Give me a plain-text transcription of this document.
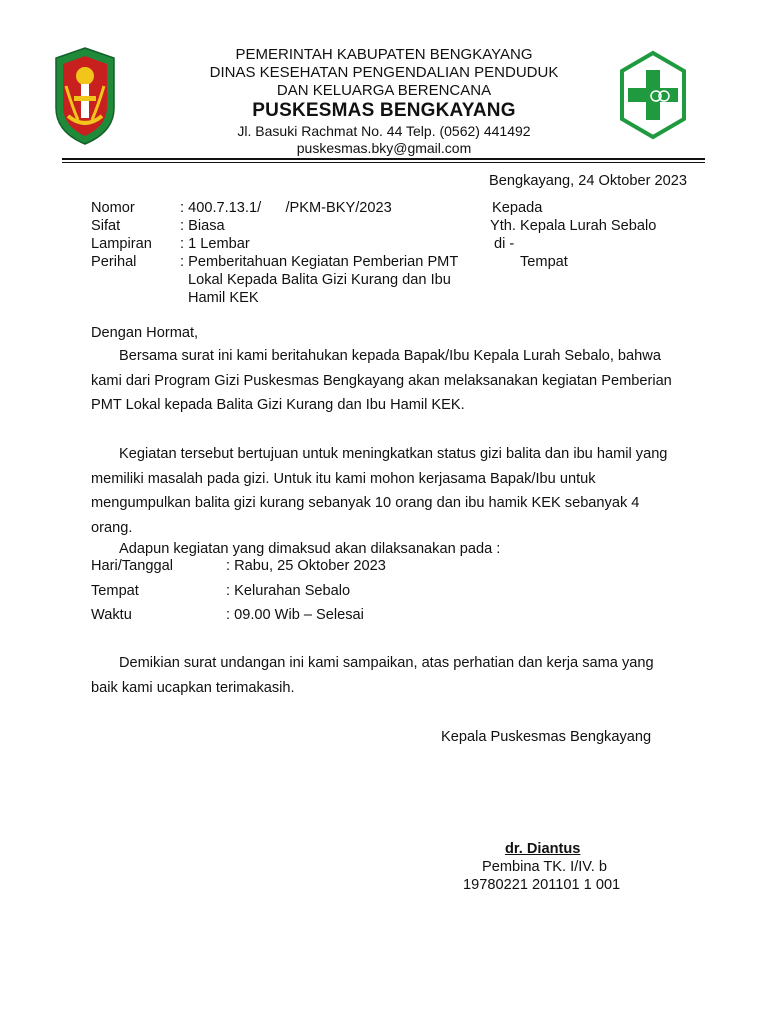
PEMERINTAH KABUPATEN BENGKAYANG
DINAS KESEHATAN PENGENDALIAN PENDUDUK
DAN KELUARGA BERENCANA
PUSKESMAS BENGKAYANG
Jl. Basuki Rachmat No. 44 Telp. (0562) 441492
puskesmas.bky@gmail.com
Bengkayang, 24 Oktober 2023
Nomor	: 400.7.13.1/      /PKM-BKY/2023
Sifat	: Biasa
Lampiran : 1 Lembar
Perihal	: Pemberitahuan Kegiatan Pemberian PMT
Lokal Kepada Balita Gizi Kurang dan Ibu
Hamil KEK
Kepada
Yth. Kepala Lurah Sebalo
di -
Tempat
Dengan Hormat,
Bersama surat ini kami beritahukan kepada Bapak/Ibu Kepala Lurah Sebalo, bahwa kami dari Program Gizi Puskesmas Bengkayang akan melaksanakan kegiatan Pemberian PMT Lokal kepada Balita Gizi Kurang dan Ibu Hamil KEK.
Kegiatan tersebut bertujuan untuk meningkatkan status gizi balita dan ibu hamil yang memiliki masalah pada gizi. Untuk itu kami mohon kerjasama Bapak/Ibu untuk mengumpulkan balita gizi kurang sebanyak 10 orang dan ibu hamik KEK sebanyak 4 orang.
Adapun kegiatan yang dimaksud akan dilaksanakan pada :
Hari/Tanggal	: Rabu, 25 Oktober 2023
Tempat	: Kelurahan Sebalo
Waktu	: 09.00 Wib – Selesai
Demikian surat undangan ini kami sampaikan, atas perhatian dan kerja sama yang baik kami ucapkan terimakasih.
Kepala Puskesmas Bengkayang
dr. Diantus
Pembina TK. I/IV. b
19780221 201101 1 001
